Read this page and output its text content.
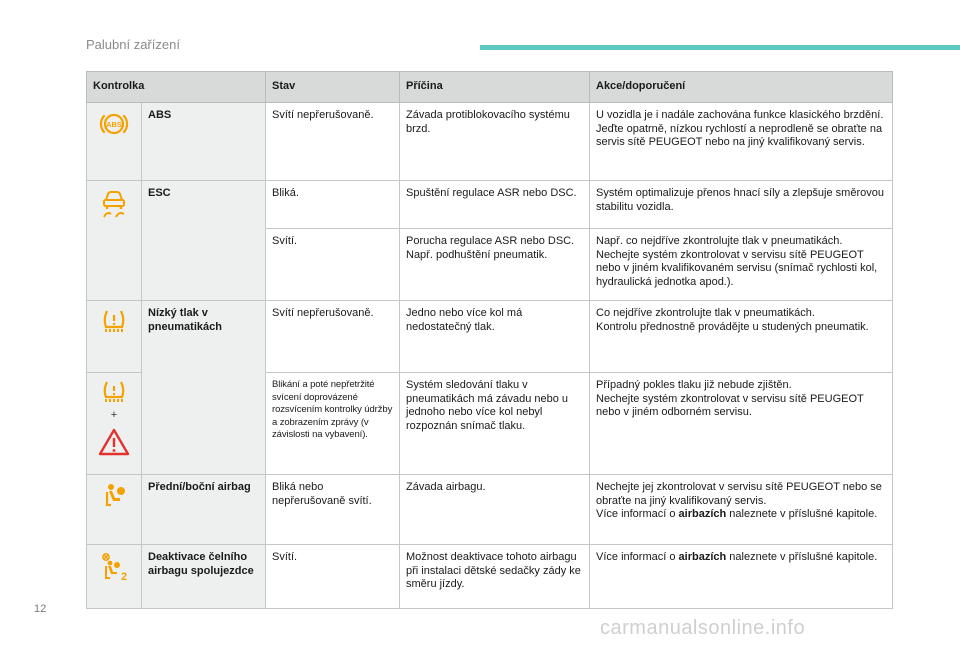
Palubní zařízení
Kontrolka		Stav	Příčina	Akce/doporučení

ABS	ABS	Svítí nepřerušovaně.	Závada protiblokovacího systému brzd.	U vozidla je i nadále zachována funkce klasického brzdění.
Jeďte opatrně, nízkou rychlostí a neprodleně se obraťte na servis sítě PEUGEOT nebo na jiný kvalifikovaný servis.

	ESC	Bliká.	Spuštění regulace ASR nebo DSC.	Systém optimalizuje přenos hnací síly a zlepšuje směrovou stabilitu vozidla.
		Svítí.	Porucha regulace ASR nebo DSC.
Např. podhuštění pneumatik.	Např. co nejdříve zkontrolujte tlak v pneumatikách.
Nechejte systém zkontrolovat v servisu sítě PEUGEOT nebo v jiném kvalifikovaném servisu (snímač rychlosti kol, hydraulická jednotka apod.).

	Nízký tlak v pneumatikách	Svítí nepřerušovaně.	Jedno nebo více kol má nedostatečný tlak.	Co nejdříve zkontrolujte tlak v pneumatikách.
Kontrolu přednostně provádějte u studených pneumatik.

+		Blikání a poté nepřetržité svícení doprovázené rozsvícením kontrolky údržby a zobrazením zprávy (v závislosti na vybavení).	Systém sledování tlaku v pneumatikách má závadu nebo u jednoho nebo více kol nebyl rozpoznán snímač tlaku.	Případný pokles tlaku již nebude zjištěn.
Nechejte systém zkontrolovat v servisu sítě PEUGEOT nebo v jiném odborném servisu.

	Přední/boční airbag	Bliká nebo nepřerušovaně svítí.	Závada airbagu.	Nechejte jej zkontrolovat v servisu sítě PEUGEOT nebo se obraťte na jiný kvalifikovaný servis.
Více informací o airbazích naleznete v příslušné kapitole.

2	Deaktivace čelního airbagu spolujezdce	Svítí.	Možnost deaktivace tohoto airbagu při instalaci dětské sedačky zády ke směru jízdy.	Více informací o airbazích naleznete v příslušné kapitole.
12
carmanualsonline.info
